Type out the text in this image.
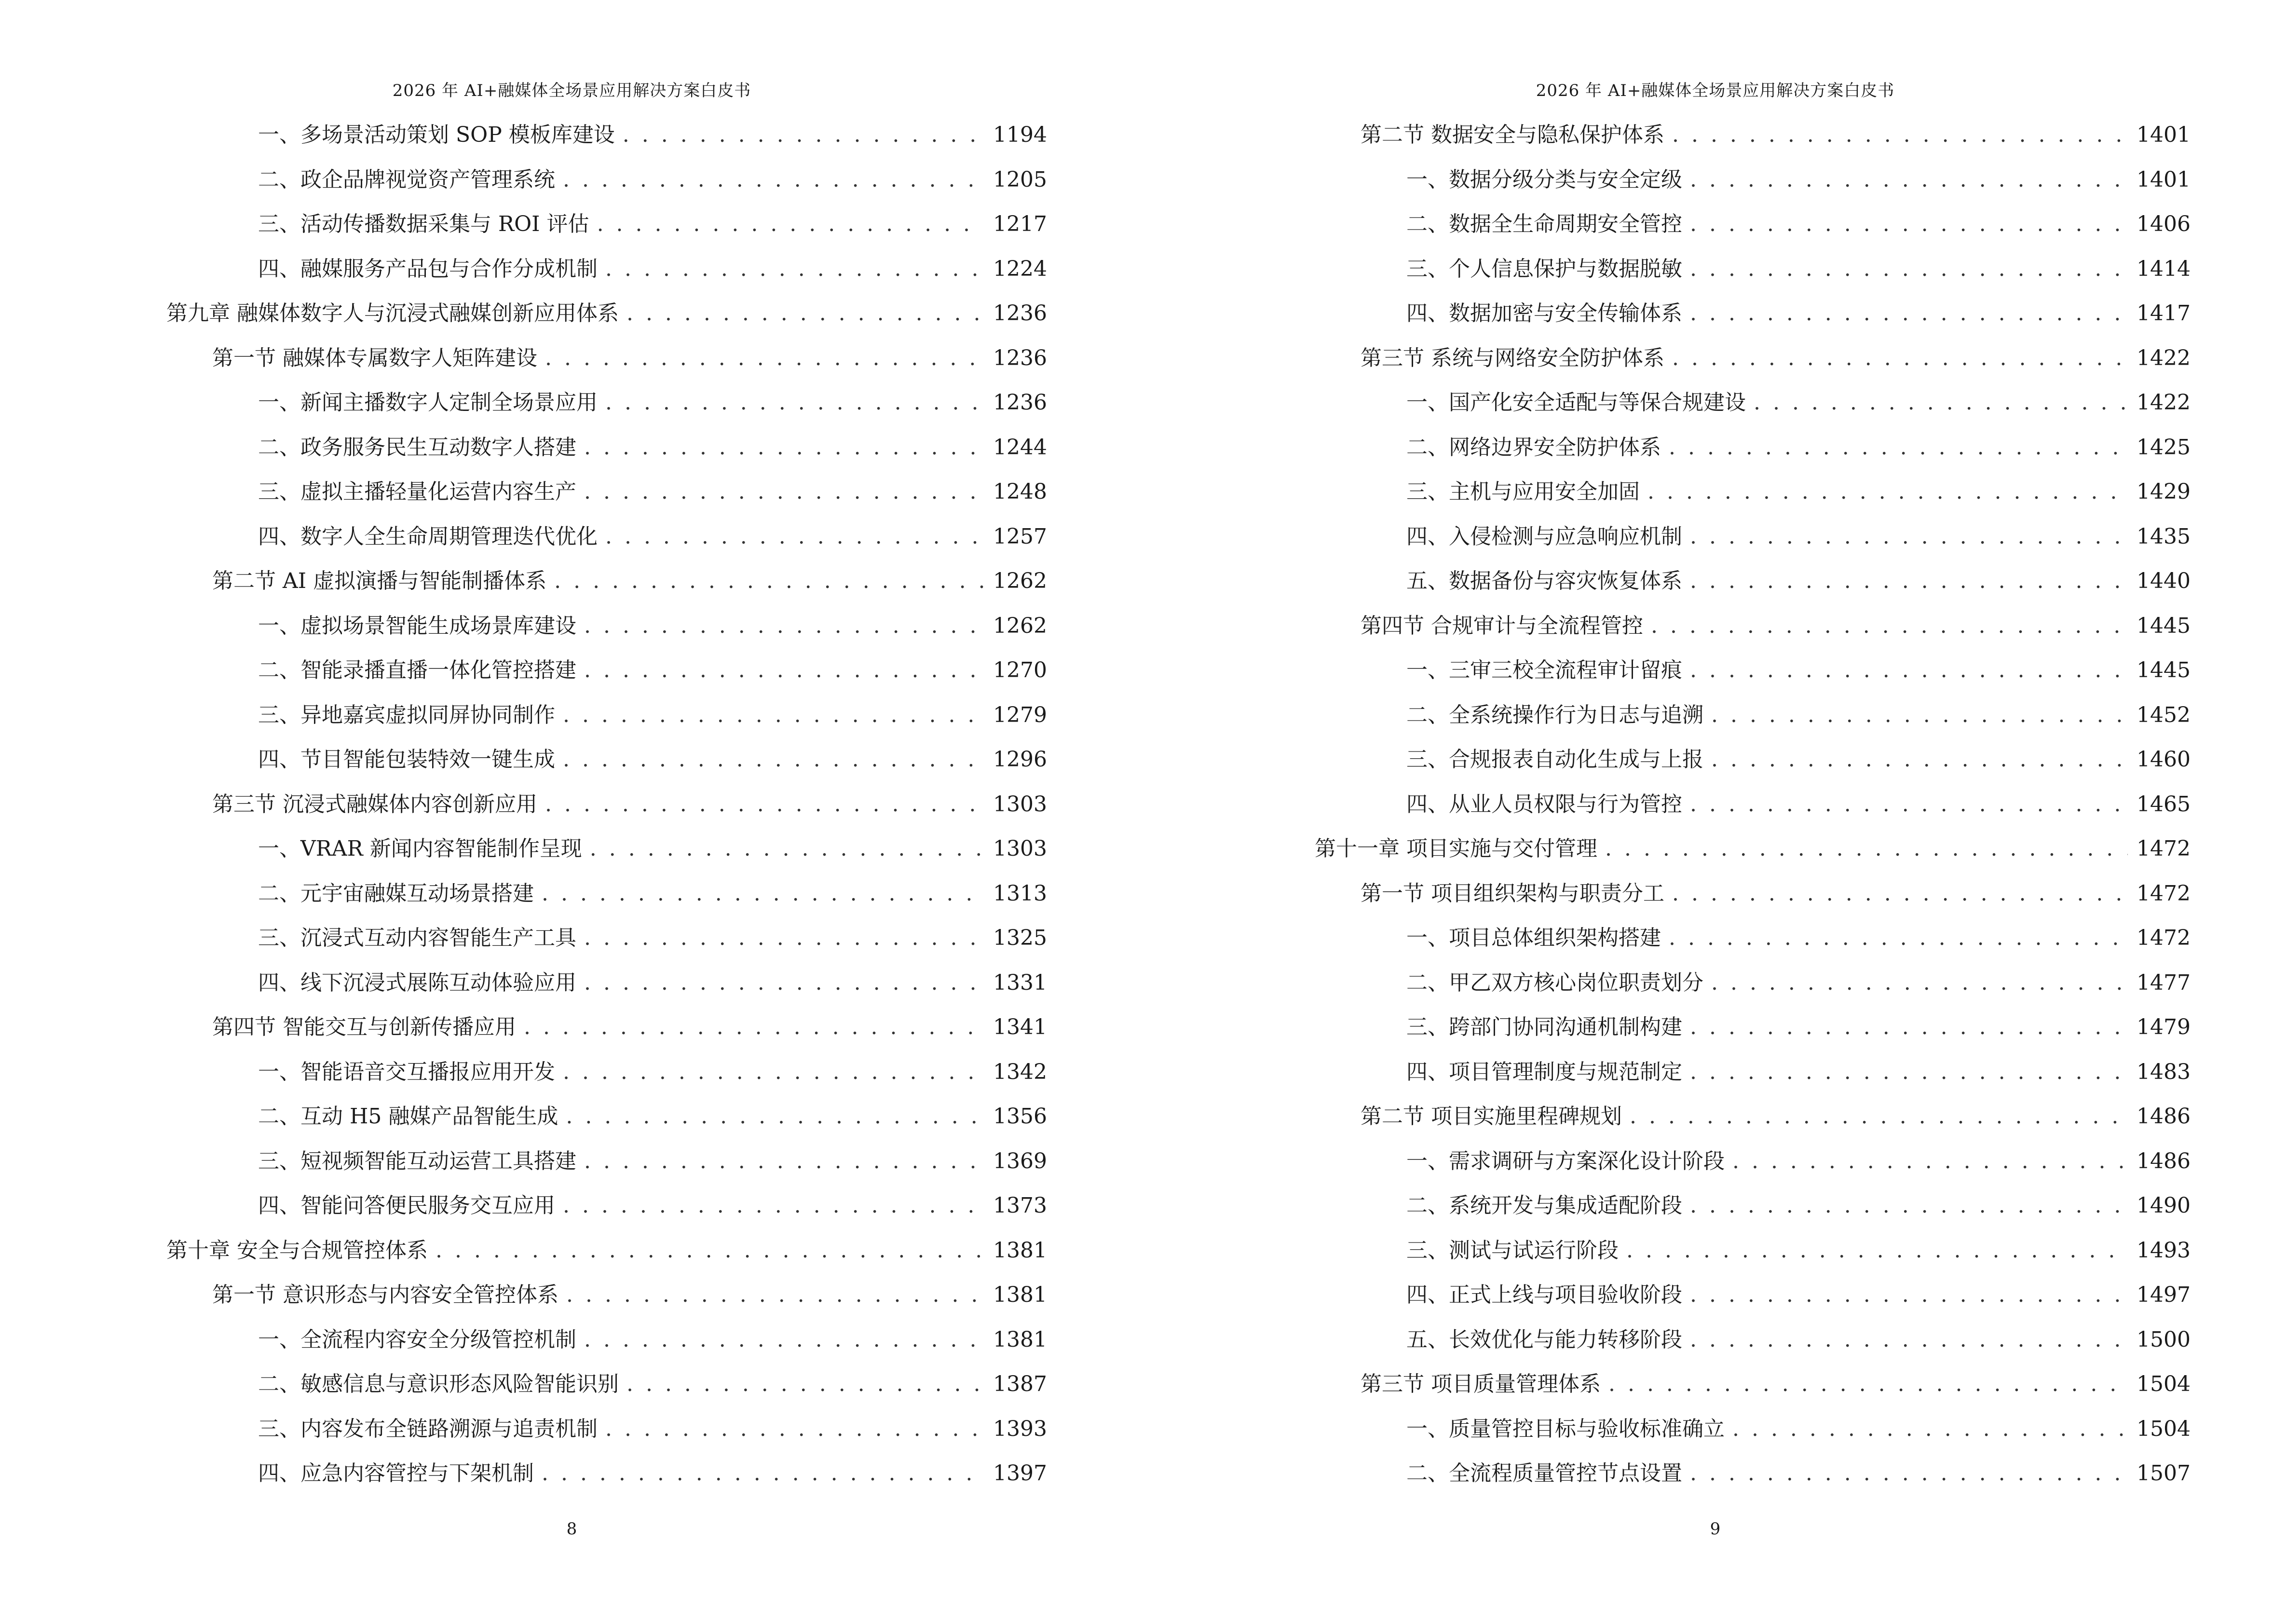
2026 年 AI+融媒体全场景应用解决方案白皮书
一、多场景活动策划 SOP 模板库建设 . . .	1194
二、政企品牌视觉资产管理系统 . . .	1205
三、活动传播数据采集与 ROI 评估 . . .	1217
四、融媒服务产品包与合作分成机制 . . .	1224
第九章 融媒体数字人与沉浸式融媒创新应用体系 . . .	1236
第一节 融媒体专属数字人矩阵建设 . . .	1236
一、新闻主播数字人定制全场景应用 . . .	1236
二、政务服务民生互动数字人搭建 . . .	1244
三、虚拟主播轻量化运营内容生产 . . .	1248
四、数字人全生命周期管理迭代优化 . . .	1257
第二节 AI 虚拟演播与智能制播体系 . . .	1262
一、虚拟场景智能生成场景库建设 . . .	1262
二、智能录播直播一体化管控搭建 . . .	1270
三、异地嘉宾虚拟同屏协同制作 . . .	1279
四、节目智能包装特效一键生成 . . .	1296
第三节 沉浸式融媒体内容创新应用 . . .	1303
一、VRAR 新闻内容智能制作呈现 . . .	1303
二、元宇宙融媒互动场景搭建 . . .	1313
三、沉浸式互动内容智能生产工具 . . .	1325
四、线下沉浸式展陈互动体验应用 . . .	1331
第四节 智能交互与创新传播应用 . . .	1341
一、智能语音交互播报应用开发 . . .	1342
二、互动 H5 融媒产品智能生成 . . .	1356
三、短视频智能互动运营工具搭建 . . .	1369
四、智能问答便民服务交互应用 . . .	1373
第十章 安全与合规管控体系 . . .	1381
第一节 意识形态与内容安全管控体系 . . .	1381
一、全流程内容安全分级管控机制 . . .	1381
二、敏感信息与意识形态风险智能识别 . . .	1387
三、内容发布全链路溯源与追责机制 . . .	1393
四、应急内容管控与下架机制 . . .	1397
8
2026 年 AI+融媒体全场景应用解决方案白皮书
第二节 数据安全与隐私保护体系 . . .	1401
一、数据分级分类与安全定级 . . .	1401
二、数据全生命周期安全管控 . . .	1406
三、个人信息保护与数据脱敏 . . .	1414
四、数据加密与安全传输体系 . . .	1417
第三节 系统与网络安全防护体系 . . .	1422
一、国产化安全适配与等保合规建设 . . .	1422
二、网络边界安全防护体系 . . .	1425
三、主机与应用安全加固 . . .	1429
四、入侵检测与应急响应机制 . . .	1435
五、数据备份与容灾恢复体系 . . .	1440
第四节 合规审计与全流程管控 . . .	1445
一、三审三校全流程审计留痕 . . .	1445
二、全系统操作行为日志与追溯 . . .	1452
三、合规报表自动化生成与上报 . . .	1460
四、从业人员权限与行为管控 . . .	1465
第十一章 项目实施与交付管理 . . .	1472
第一节 项目组织架构与职责分工 . . .	1472
一、项目总体组织架构搭建 . . .	1472
二、甲乙双方核心岗位职责划分 . . .	1477
三、跨部门协同沟通机制构建 . . .	1479
四、项目管理制度与规范制定 . . .	1483
第二节 项目实施里程碑规划 . . .	1486
一、需求调研与方案深化设计阶段 . . .	1486
二、系统开发与集成适配阶段 . . .	1490
三、测试与试运行阶段 . . .	1493
四、正式上线与项目验收阶段 . . .	1497
五、长效优化与能力转移阶段 . . .	1500
第三节 项目质量管理体系 . . .	1504
一、质量管控目标与验收标准确立 . . .	1504
二、全流程质量管控节点设置 . . .	1507
9
